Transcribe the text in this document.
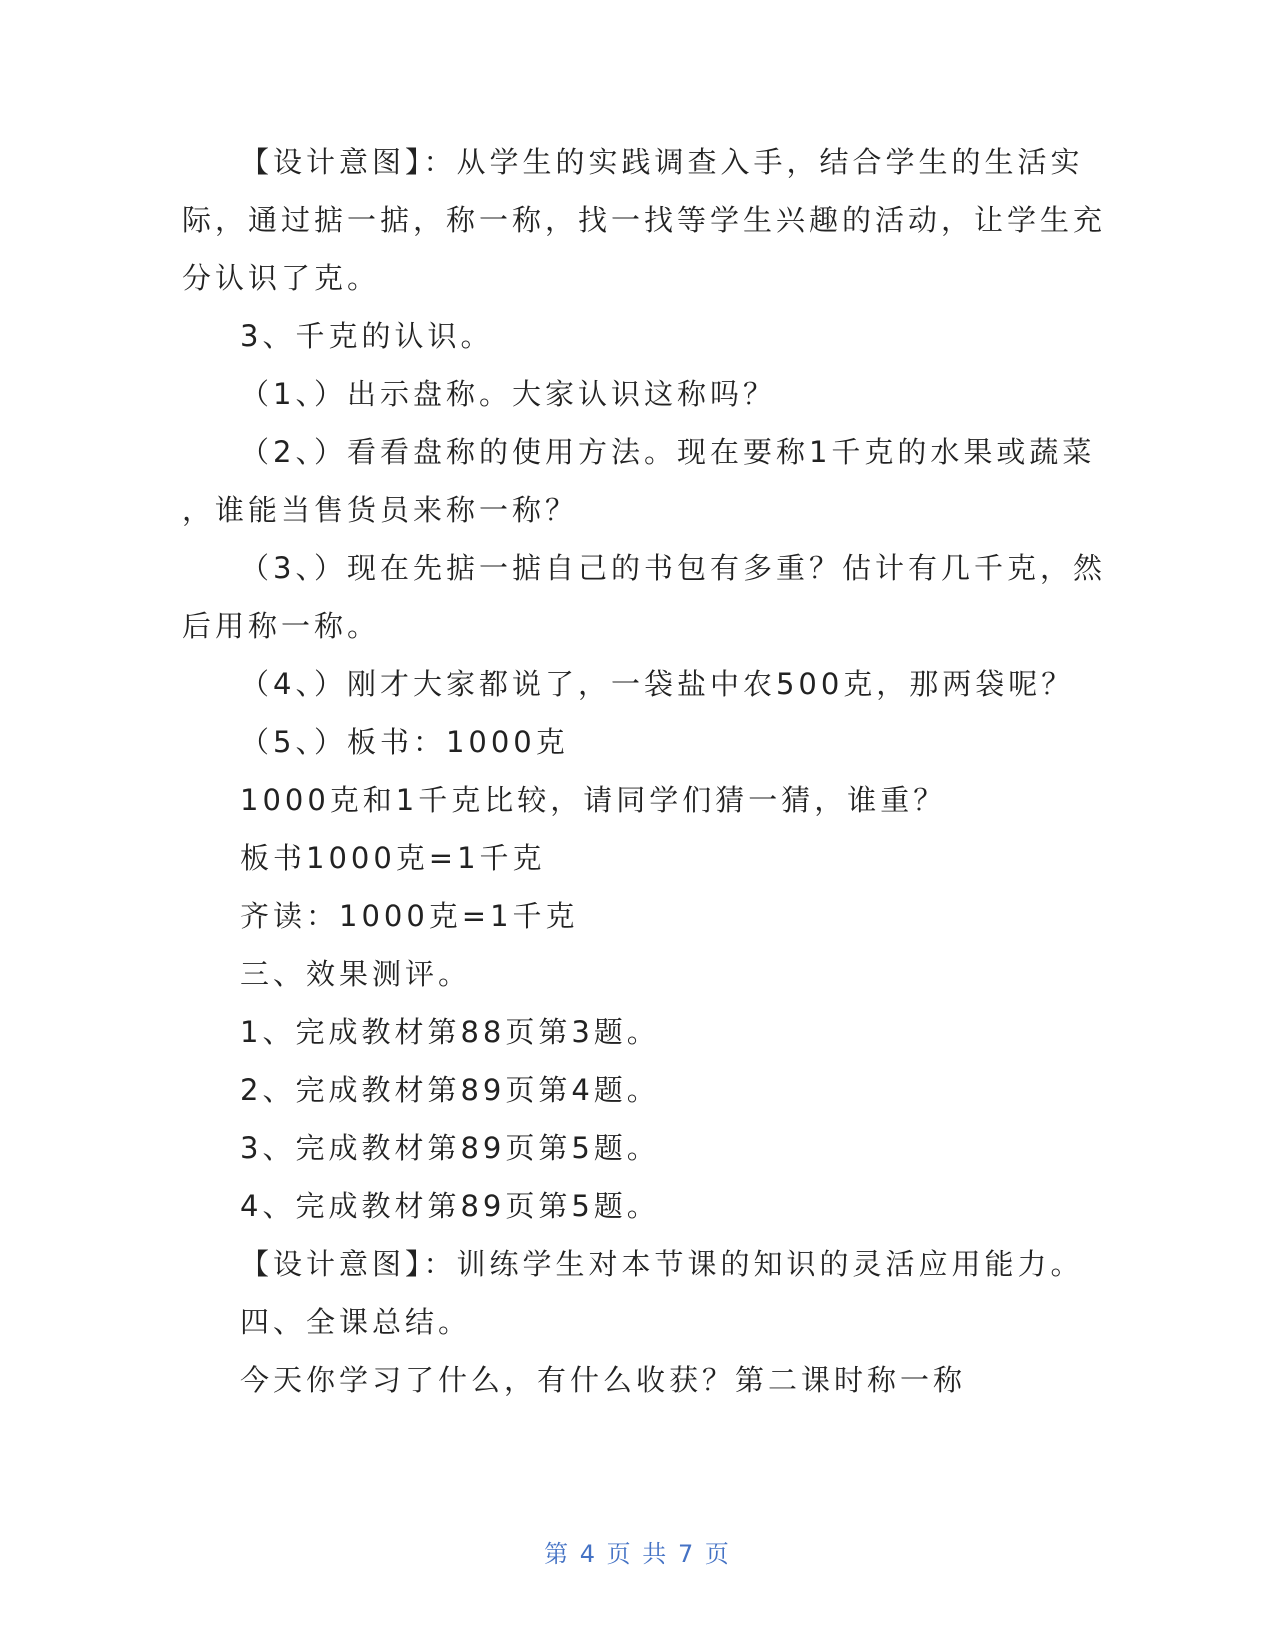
【设计意图】：从学生的实践调查入手，结合学生的生活实
际，通过掂一掂，称一称，找一找等学生兴趣的活动，让学生充
分认识了克。
3、千克的认识。
（1、）出示盘称。大家认识这称吗？
（2、）看看盘称的使用方法。现在要称1千克的水果或蔬菜
，谁能当售货员来称一称？
（3、）现在先掂一掂自己的书包有多重？估计有几千克，然
后用称一称。
（4、）刚才大家都说了，一袋盐中农500克，那两袋呢？
（5、）板书：1000克
1000克和1千克比较，请同学们猜一猜，谁重？
板书1000克=1千克
齐读：1000克=1千克
三、效果测评。
1、完成教材第88页第3题。
2、完成教材第89页第4题。
3、完成教材第89页第5题。
4、完成教材第89页第5题。
【设计意图】：训练学生对本节课的知识的灵活应用能力。
四、全课总结。
今天你学习了什么，有什么收获？第二课时称一称
第 4 页 共 7 页
